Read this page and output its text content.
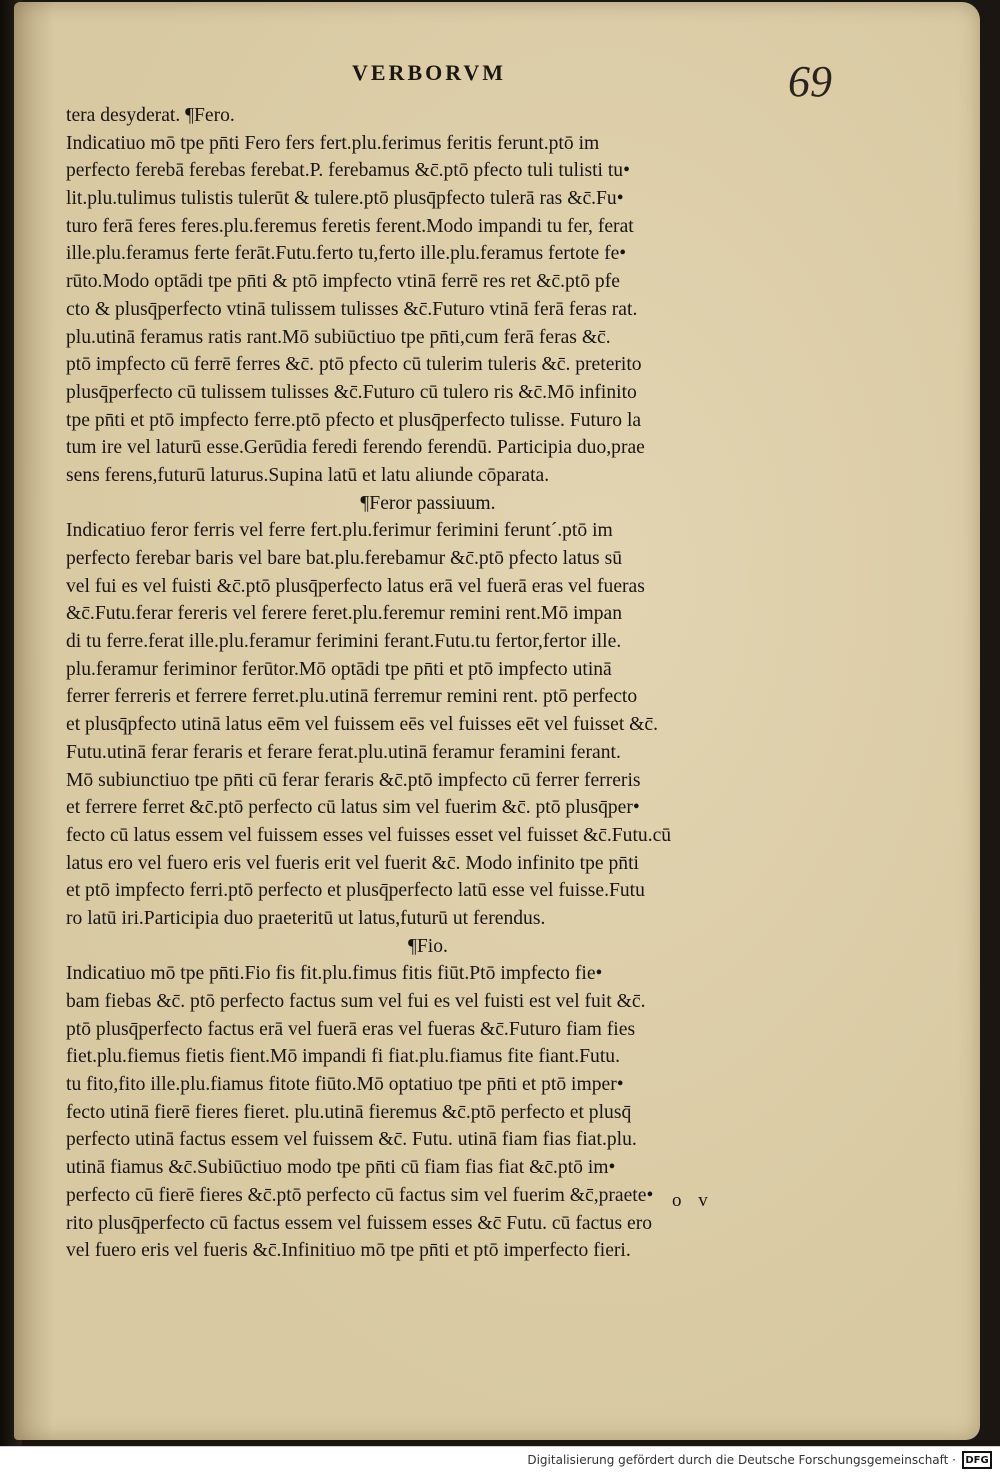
VERBORVM	69
tera desyderat. ¶Fero.
Indicatiuo mō tpe pn̄ti Fero fers fert.plu.ferimus feritis ferunt.ptō im
perfecto ferebā ferebas ferebat.P. ferebamus &c̄.ptō pfecto tuli tulisti tu•
lit.plu.tulimus tulistis tulerūt & tulere.ptō plusq̄pfecto tulerā ras &c̄.Fu•
turo ferā feres feres.plu.feremus feretis ferent.Modo impandi tu fer, ferat
ille.plu.feramus ferte ferāt.Futu.ferto tu,ferto ille.plu.feramus fertote fe•
rūto.Modo optādi tpe pn̄ti & ptō impfecto vtinā ferrē res ret &c̄.ptō pfe
cto & plusq̄perfecto vtinā tulissem tulisses &c̄.Futuro vtinā ferā feras rat.
plu.utinā feramus ratis rant.Mō subiūctiuo tpe pn̄ti,cum ferā feras &c̄.
ptō impfecto cū ferrē ferres &c̄. ptō pfecto cū tulerim tuleris &c̄. preterito
plusq̄perfecto cū tulissem tulisses &c̄.Futuro cū tulero ris &c̄.Mō infinito
tpe pn̄ti et ptō impfecto ferre.ptō pfecto et plusq̄perfecto tulisse. Futuro la
tum ire vel laturū esse.Gerūdia feredi ferendo ferendū. Participia duo,prae
sens ferens,futurū laturus.Supina latū et latu aliunde cōparata.
¶Feror passiuum.
Indicatiuo feror ferris vel ferre fert.plu.ferimur ferimini feruntˊ.ptō im
perfecto ferebar baris vel bare bat.plu.ferebamur &c̄.ptō pfecto latus sū
vel fui es vel fuisti &c̄.ptō plusq̄perfecto latus erā vel fuerā eras vel fueras
&c̄.Futu.ferar fereris vel ferere feret.plu.feremur remini rent.Mō impan
di tu ferre.ferat ille.plu.feramur ferimini ferant.Futu.tu fertor,fertor ille.
plu.feramur feriminor ferūtor.Mō optādi tpe pn̄ti et ptō impfecto utinā
ferrer ferreris et ferrere ferret.plu.utinā ferremur remini rent. ptō perfecto
et plusq̄pfecto utinā latus eēm vel fuissem eēs vel fuisses eēt vel fuisset &c̄.
Futu.utinā ferar feraris et ferare ferat.plu.utinā feramur feramini ferant.
Mō subiunctiuo tpe pn̄ti cū ferar feraris &c̄.ptō impfecto cū ferrer ferreris
et ferrere ferret &c̄.ptō perfecto cū latus sim vel fuerim &c̄. ptō plusq̄per•
fecto cū latus essem vel fuissem esses vel fuisses esset vel fuisset &c̄.Futu.cū
latus ero vel fuero eris vel fueris erit vel fuerit &c̄. Modo infinito tpe pn̄ti
et ptō impfecto ferri.ptō perfecto et plusq̄perfecto latū esse vel fuisse.Futu
ro latū iri.Participia duo praeteritū ut latus,futurū ut ferendus.
¶Fio.
Indicatiuo mō tpe pn̄ti.Fio fis fit.plu.fimus fitis fiūt.Ptō impfecto fie•
bam fiebas &c̄. ptō perfecto factus sum vel fui es vel fuisti est vel fuit &c̄.
ptō plusq̄perfecto factus erā vel fuerā eras vel fueras &c̄.Futuro fiam fies
fiet.plu.fiemus fietis fient.Mō impandi fi fiat.plu.fiamus fite fiant.Futu.
tu fito,fito ille.plu.fiamus fitote fiūto.Mō optatiuo tpe pn̄ti et ptō imper•
fecto utinā fierē fieres fieret. plu.utinā fieremus &c̄.ptō perfecto et plusq̄
perfecto utinā factus essem vel fuissem &c̄. Futu. utinā fiam fias fiat.plu.
utinā fiamus &c̄.Subiūctiuo modo tpe pn̄ti cū fiam fias fiat &c̄.ptō im•
perfecto cū fierē fieres &c̄.ptō perfecto cū factus sim vel fuerim &c̄,praete•
rito plusq̄perfecto cū factus essem vel fuissem esses &c̄ Futu. cū factus ero
vel fuero eris vel fueris &c̄.Infinitiuo mō tpe pn̄ti et ptō imperfecto fieri.
o v
Digitalisierung gefördert durch die Deutsche Forschungsgemeinschaft · DFG
